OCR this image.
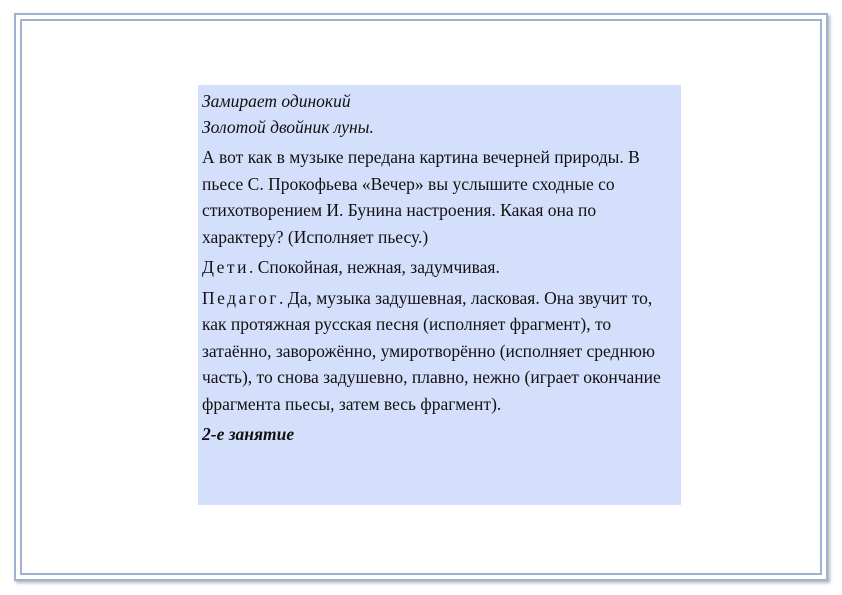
Замирает одинокий
Золотой двойник луны.

А вот как в музыке передана картина вечерней природы. В пьесе С. Прокофьева «Вечер» вы услышите сходные со стихотворением И. Бунина настроения. Какая она по характеру? (Исполняет пьесу.)

Дети. Спокойная, нежная, задумчивая.

Педагог. Да, музыка задушевная, ласковая. Она звучит то, как протяжная русская песня (исполняет фрагмент), то затаённо, заворожённо, умиротворённо (исполняет среднюю часть), то снова задушевно, плавно, нежно (играет окончание фрагмента пьесы, затем весь фрагмент).

2-е занятие
